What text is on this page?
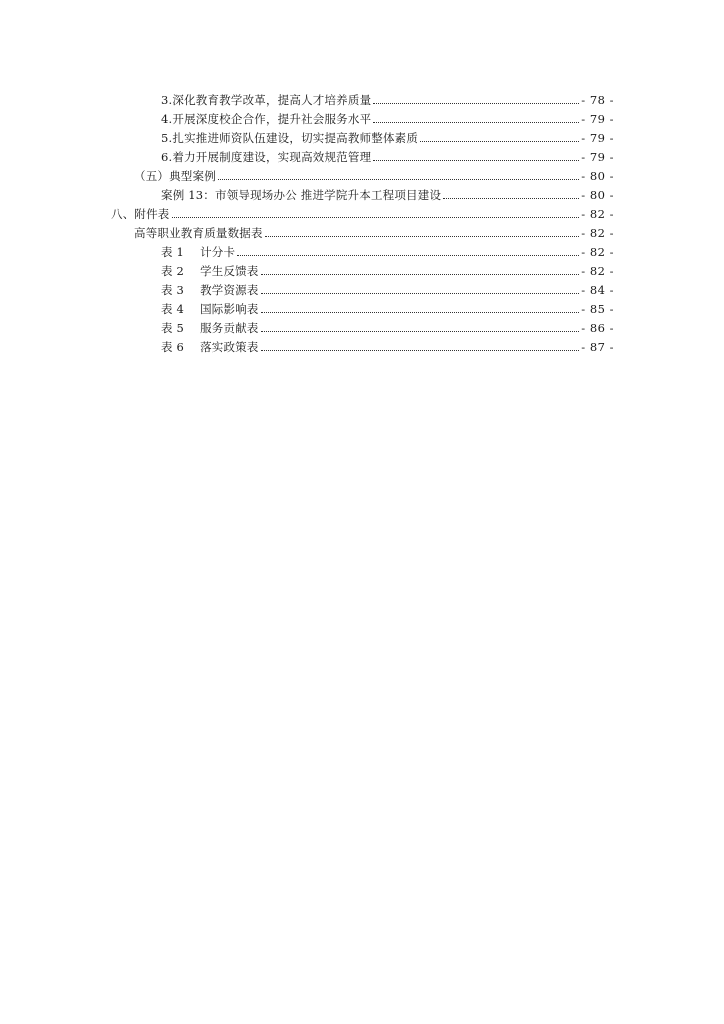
3.深化教育教学改革，提高人才培养质量	- 78 -
4.开展深度校企合作，提升社会服务水平	- 79 -
5.扎实推进师资队伍建设，切实提高教师整体素质	- 79 -
6.着力开展制度建设，实现高效规范管理	- 79 -
（五）典型案例	- 80 -
案例 13：市领导现场办公 推进学院升本工程项目建设	- 80 -
八、附件表	- 82 -
高等职业教育质量数据表	- 82 -
表 1 计分卡	- 82 -
表 2 学生反馈表	- 82 -
表 3 教学资源表	- 84 -
表 4 国际影响表	- 85 -
表 5 服务贡献表	- 86 -
表 6 落实政策表	- 87 -
